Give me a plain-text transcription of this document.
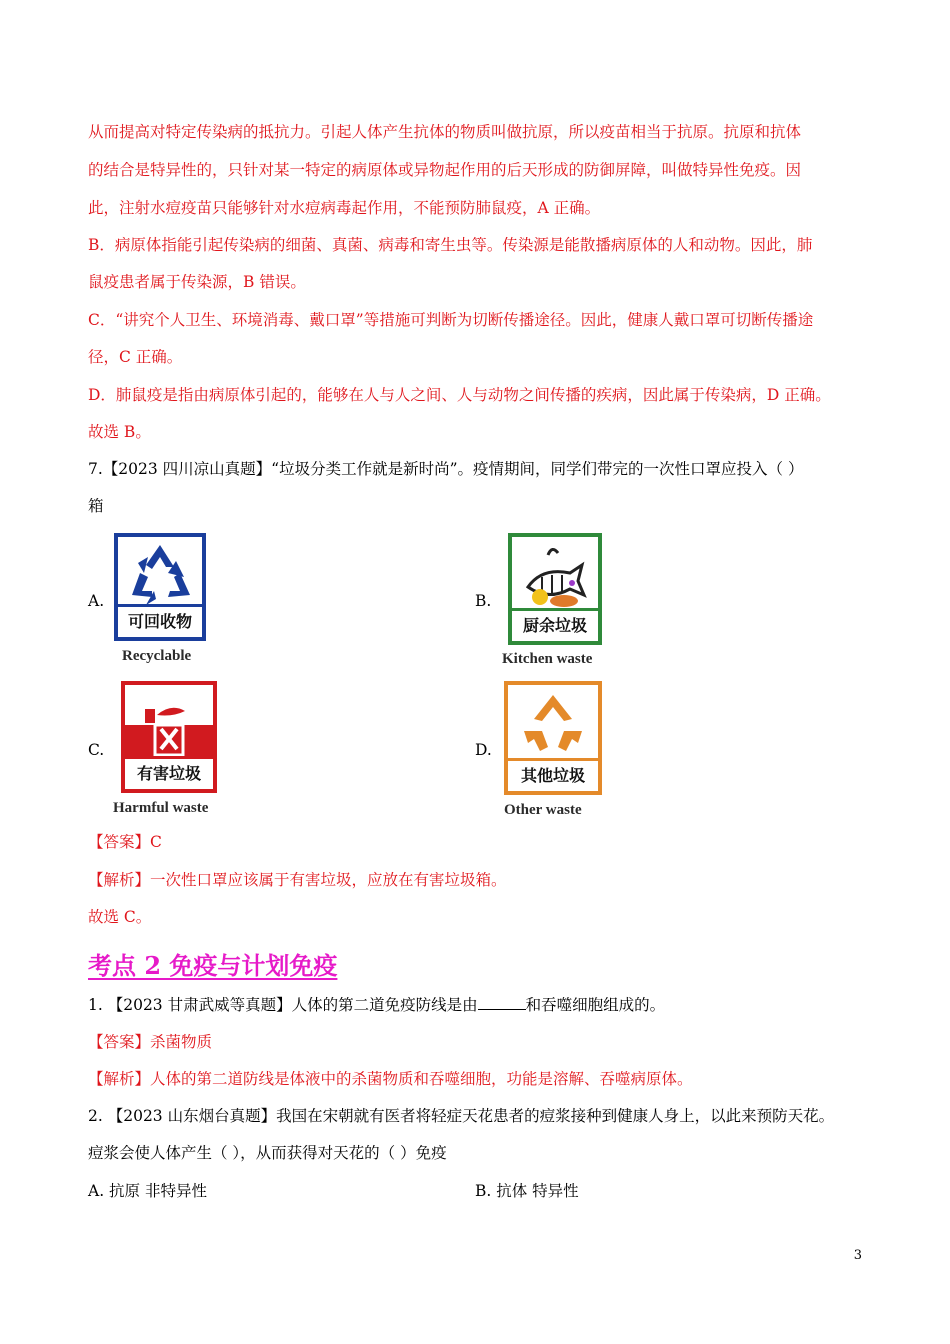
从而提高对特定传染病的抵抗力。引起人体产生抗体的物质叫做抗原，所以疫苗相当于抗原。抗原和抗体
的结合是特异性的，只针对某一特定的病原体或异物起作用的后天形成的防御屏障，叫做特异性免疫。因
此，注射水痘疫苗只能够针对水痘病毒起作用，不能预防肺鼠疫，A 正确。
B．病原体指能引起传染病的细菌、真菌、病毒和寄生虫等。传染源是能散播病原体的人和动物。因此，肺
鼠疫患者属于传染源，B 错误。
C．“讲究个人卫生、环境消毒、戴口罩”等措施可判断为切断传播途径。因此，健康人戴口罩可切断传播途
径，C 正确。
D．肺鼠疫是指由病原体引起的，能够在人与人之间、人与动物之间传播的疾病，因此属于传染病，D 正确。
故选 B。
7.【2023 四川凉山真题】“垃圾分类工作就是新时尚”。疫情期间，同学们带完的一次性口罩应投入（ ）
箱
A.
可回收物
Recyclable
B.
厨余垃圾
Kitchen waste
C.
有害垃圾
Harmful waste
D.
其他垃圾
Other waste
【答案】C
【解析】一次性口罩应该属于有害垃圾，应放在有害垃圾箱。
故选 C。
考点 2 免疫与计划免疫
1. 【2023 甘肃武威等真题】人体的第二道免疫防线是由	和吞噬细胞组成的。
【答案】杀菌物质
【解析】人体的第二道防线是体液中的杀菌物质和吞噬细胞，功能是溶解、吞噬病原体。
2. 【2023 山东烟台真题】我国在宋朝就有医者将轻症天花患者的痘浆接种到健康人身上，以此来预防天花。
痘浆会使人体产生（ ），从而获得对天花的（ ）免疫
A. 抗原 非特异性	B. 抗体 特异性
3
